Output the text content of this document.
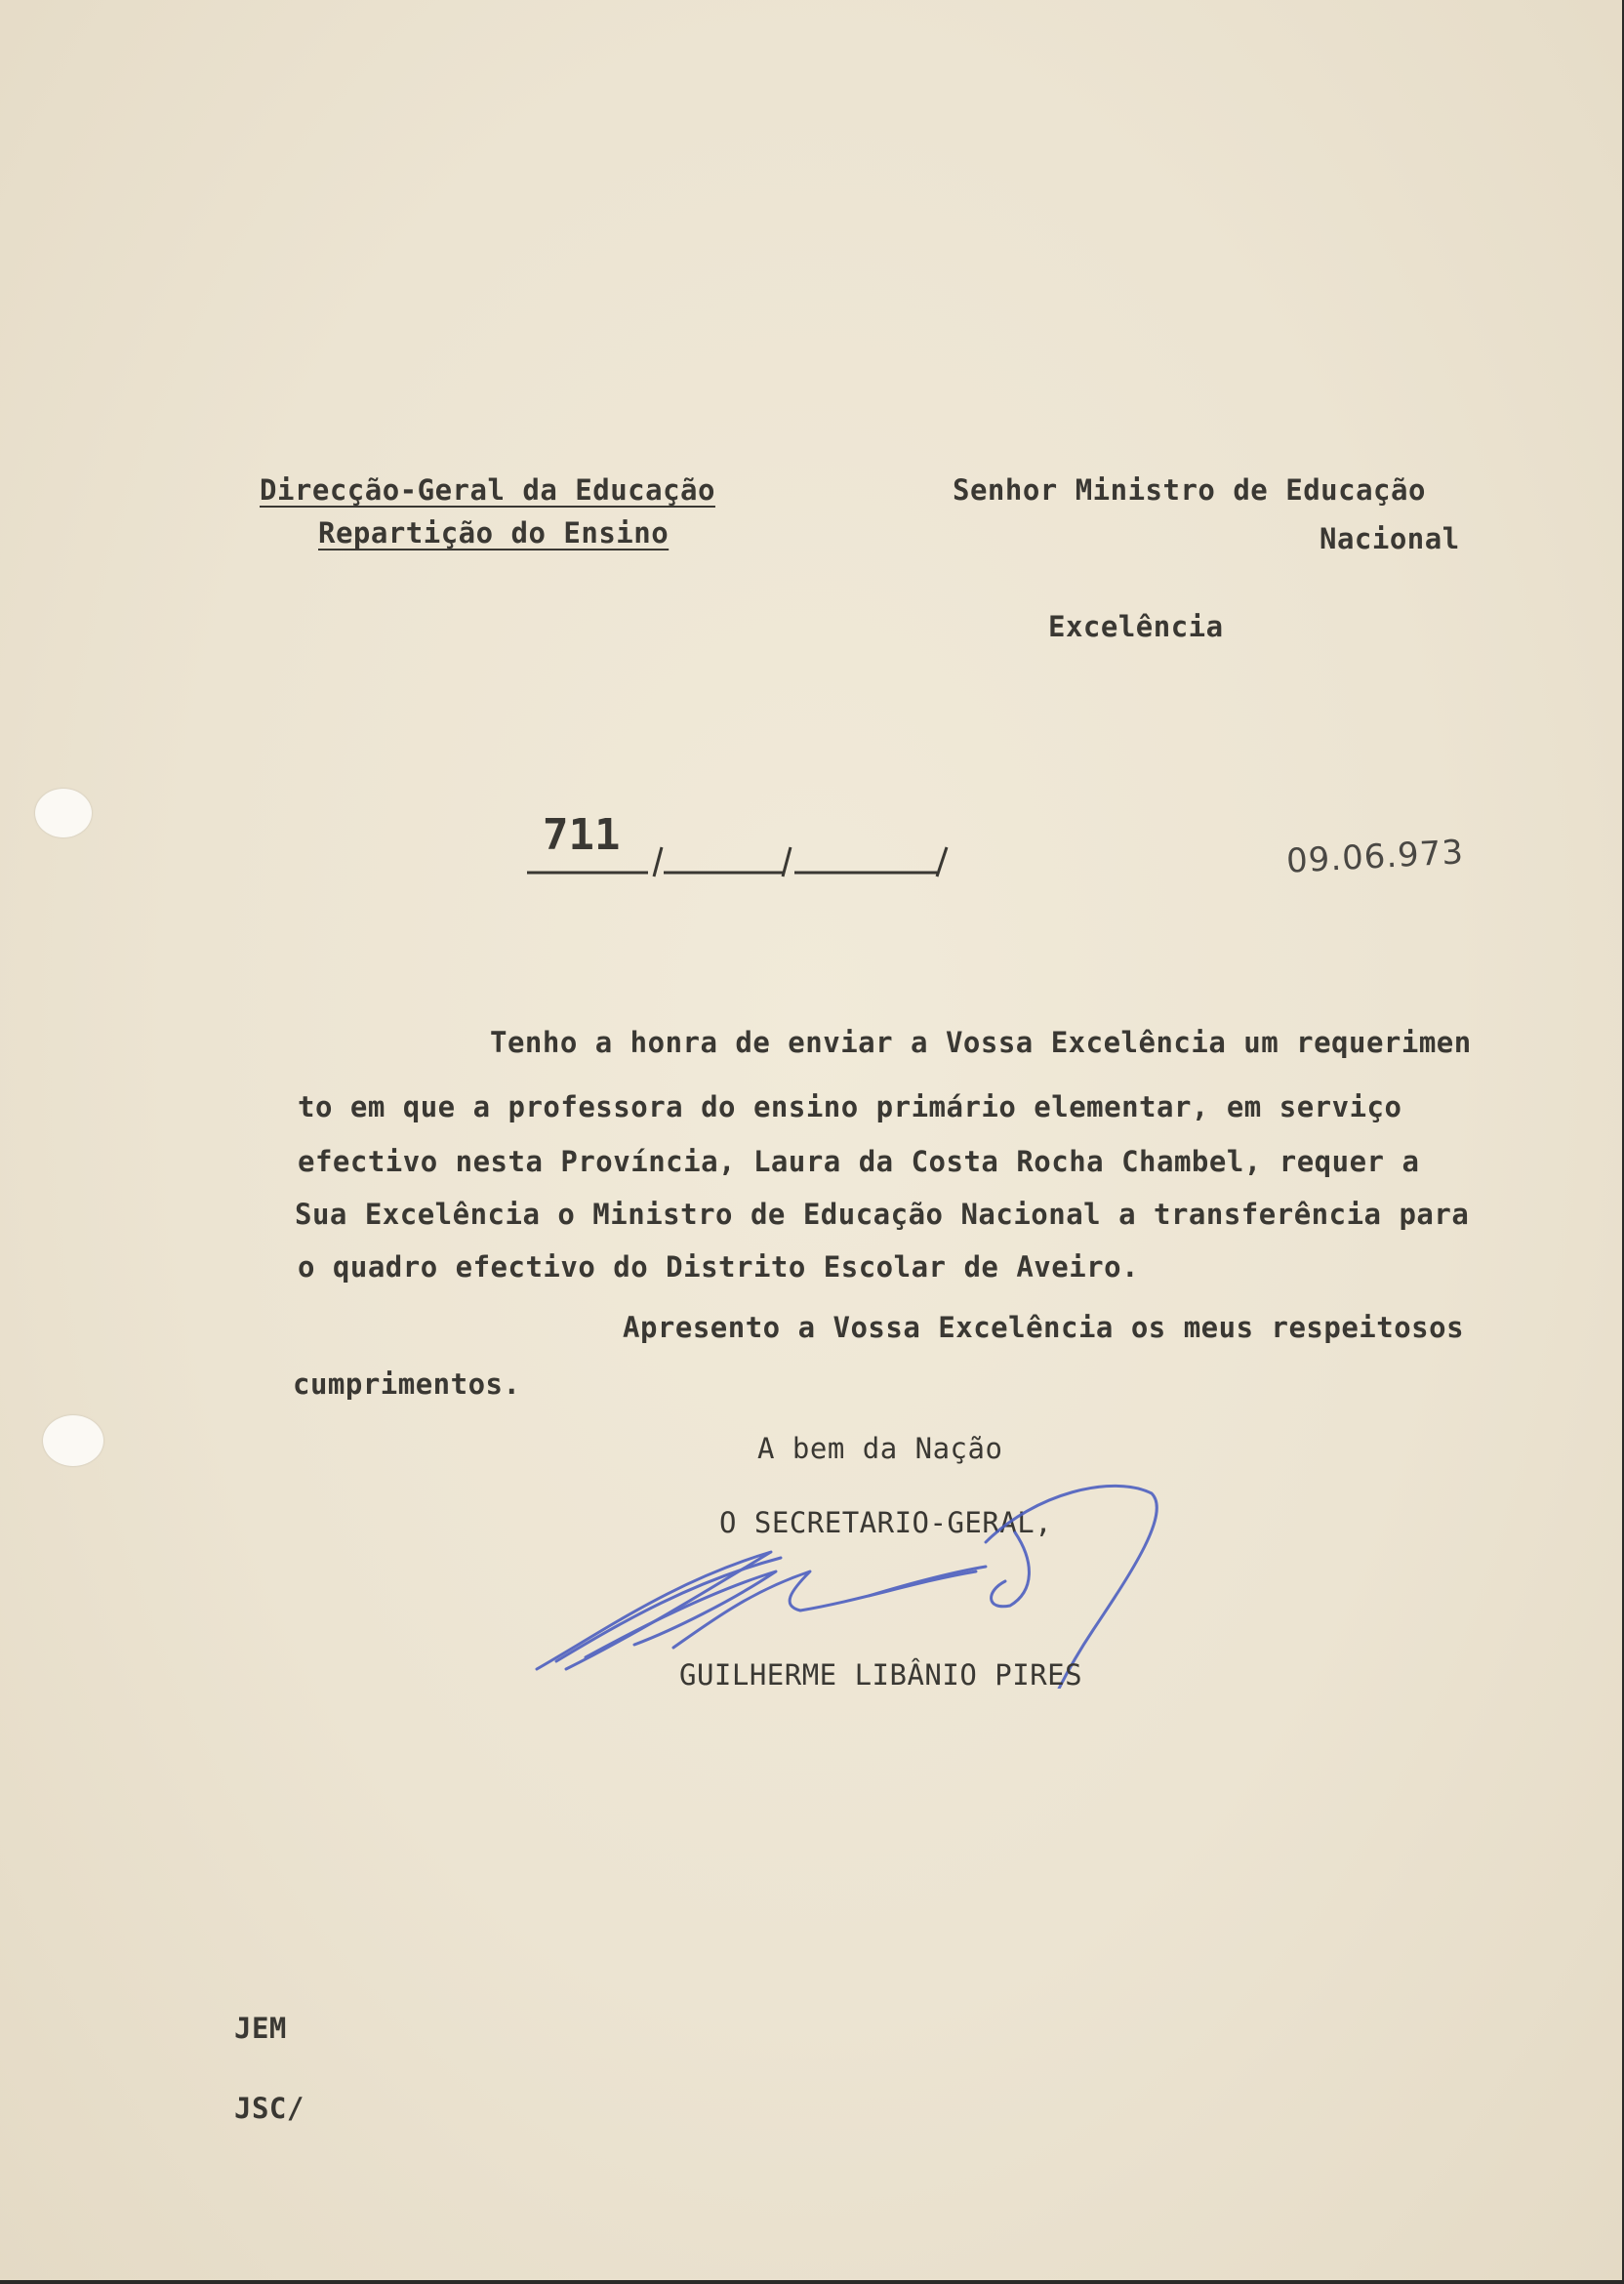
Direcção-Geral da Educação
Repartição do Ensino
Senhor Ministro de Educação
Nacional
Excelência
711	09.06.973
Tenho a honra de enviar a Vossa Excelência um requerimen
to em que a professora do ensino primário elementar, em serviço
efectivo nesta Província, Laura da Costa Rocha Chambel, requer a
Sua Excelência o Ministro de Educação Nacional a transferência para
o quadro efectivo do Distrito Escolar de Aveiro.
Apresento a Vossa Excelência os meus respeitosos
cumprimentos.
A bem da Nação
O SECRETARIO-GERAL,
GUILHERME LIBÂNIO PIRES
JEM
JSC/
